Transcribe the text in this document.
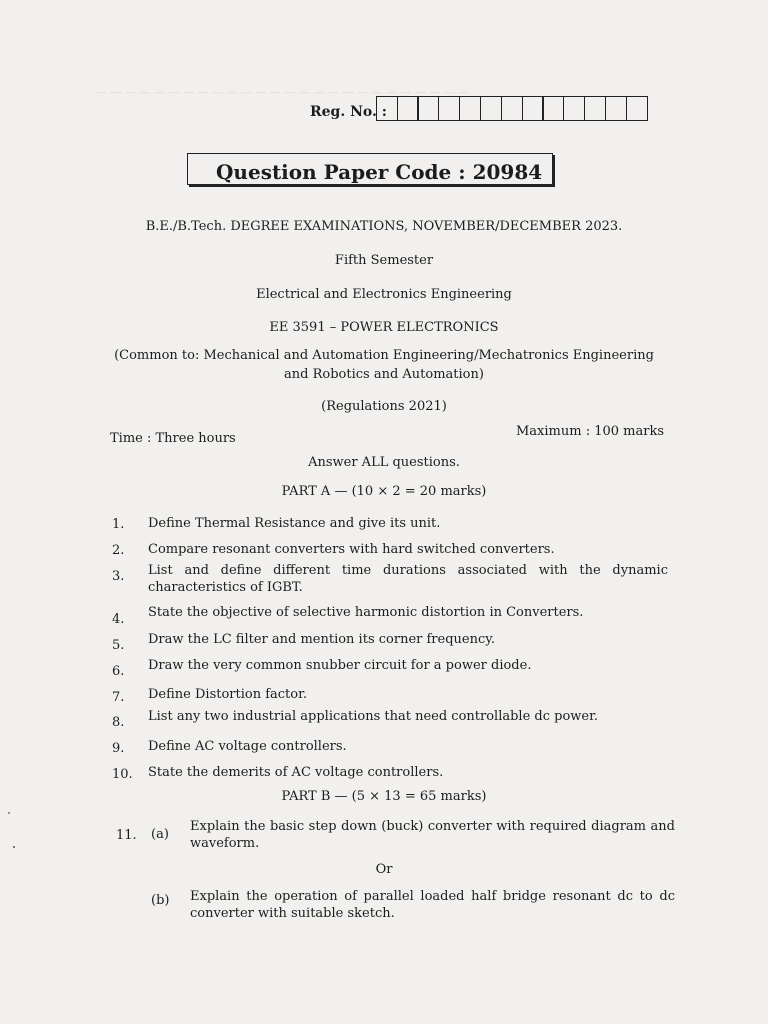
— — — — — — — — — — — — — — — — — — — — — — — — — —
Reg. No. :
Question Paper Code : 20984
B.E./B.Tech. DEGREE EXAMINATIONS, NOVEMBER/DECEMBER 2023.
Fifth Semester
Electrical and Electronics Engineering
EE 3591 – POWER ELECTRONICS
(Common to: Mechanical and Automation Engineering/Mechatronics Engineering
and Robotics and Automation)
(Regulations 2021)
Time : Three hours	Maximum : 100 marks
Answer ALL questions.
PART A — (10 × 2 = 20 marks)
1. Define Thermal Resistance and give its unit.
2. Compare resonant converters with hard switched converters.
3. List and define different time durations associated with the dynamic characteristics of IGBT.
4. State the objective of selective harmonic distortion in Converters.
5. Draw the LC filter and mention its corner frequency.
6. Draw the very common snubber circuit for a power diode.
7. Define Distortion factor.
8. List any two industrial applications that need controllable dc power.
9. Define AC voltage controllers.
10. State the demerits of AC voltage controllers.
PART B — (5 × 13 = 65 marks)
11. (a)
Explain the basic step down (buck) converter with required diagram and waveform.
Or
(b) Explain the operation of parallel loaded half bridge resonant dc to dc converter with suitable sketch.
